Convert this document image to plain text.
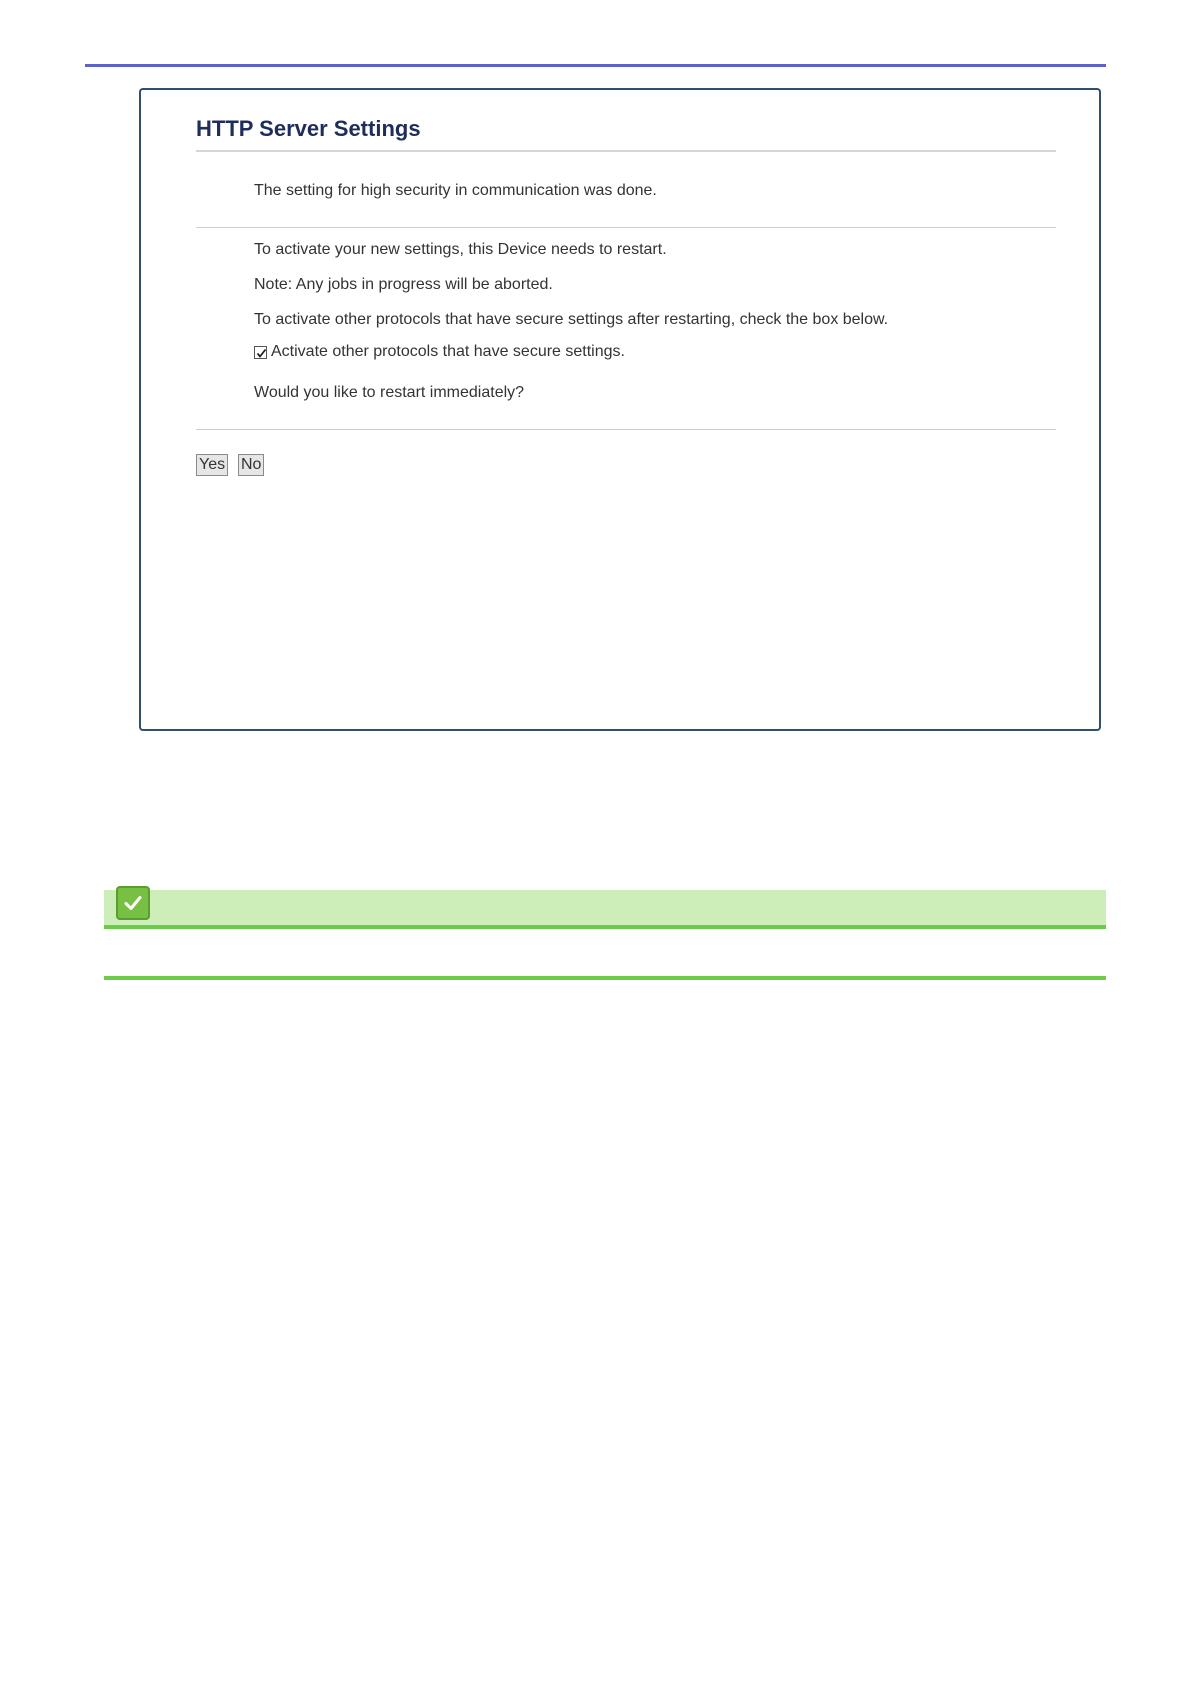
HTTP Server Settings
The setting for high security in communication was done.
To activate your new settings, this Device needs to restart.
Note: Any jobs in progress will be aborted.
To activate other protocols that have secure settings after restarting, check the box below.
Activate other protocols that have secure settings.
Would you like to restart immediately?
Yes No
